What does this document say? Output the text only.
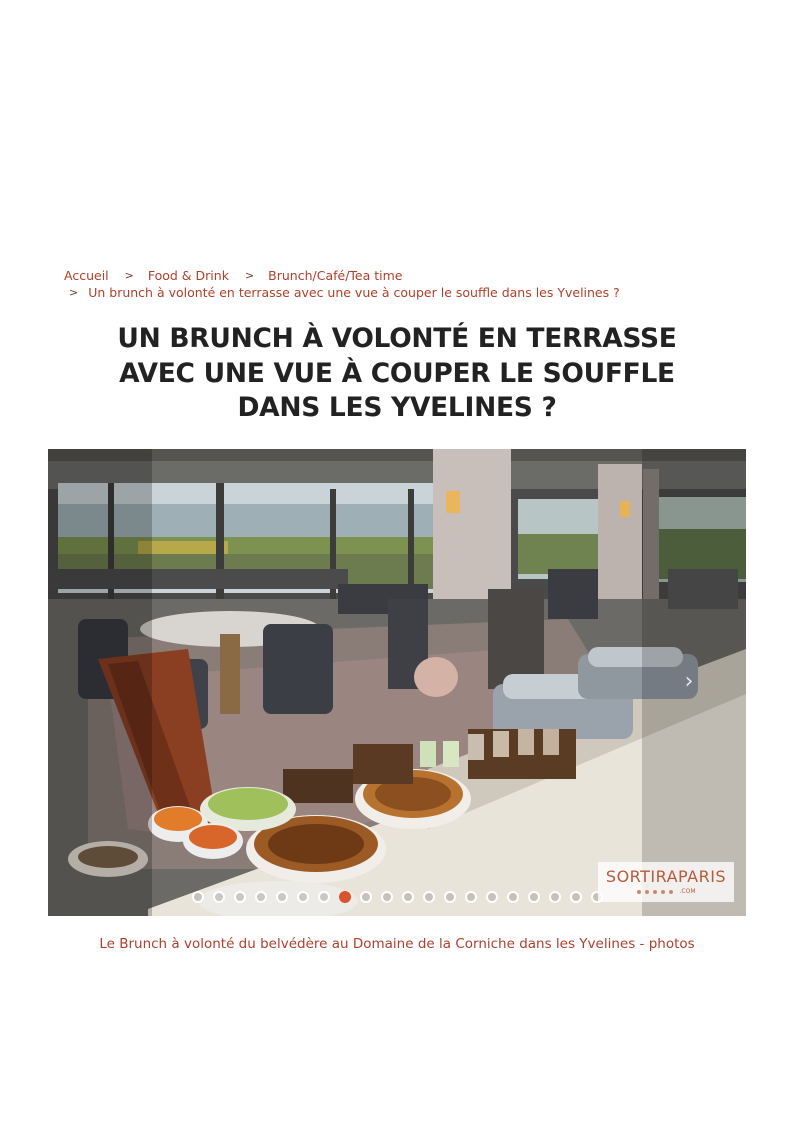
Accueil > Food & Drink > Brunch/Café/Tea time
> Un brunch à volonté en terrasse avec une vue à couper le souffle dans les Yvelines ?
UN BRUNCH À VOLONTÉ EN TERRASSE
AVEC UNE VUE À COUPER LE SOUFFLE
DANS LES YVELINES ?
›
SORTIRAPARIS
.COM

Le Brunch à volonté du belvédère au Domaine de la Corniche dans les Yvelines - photos
